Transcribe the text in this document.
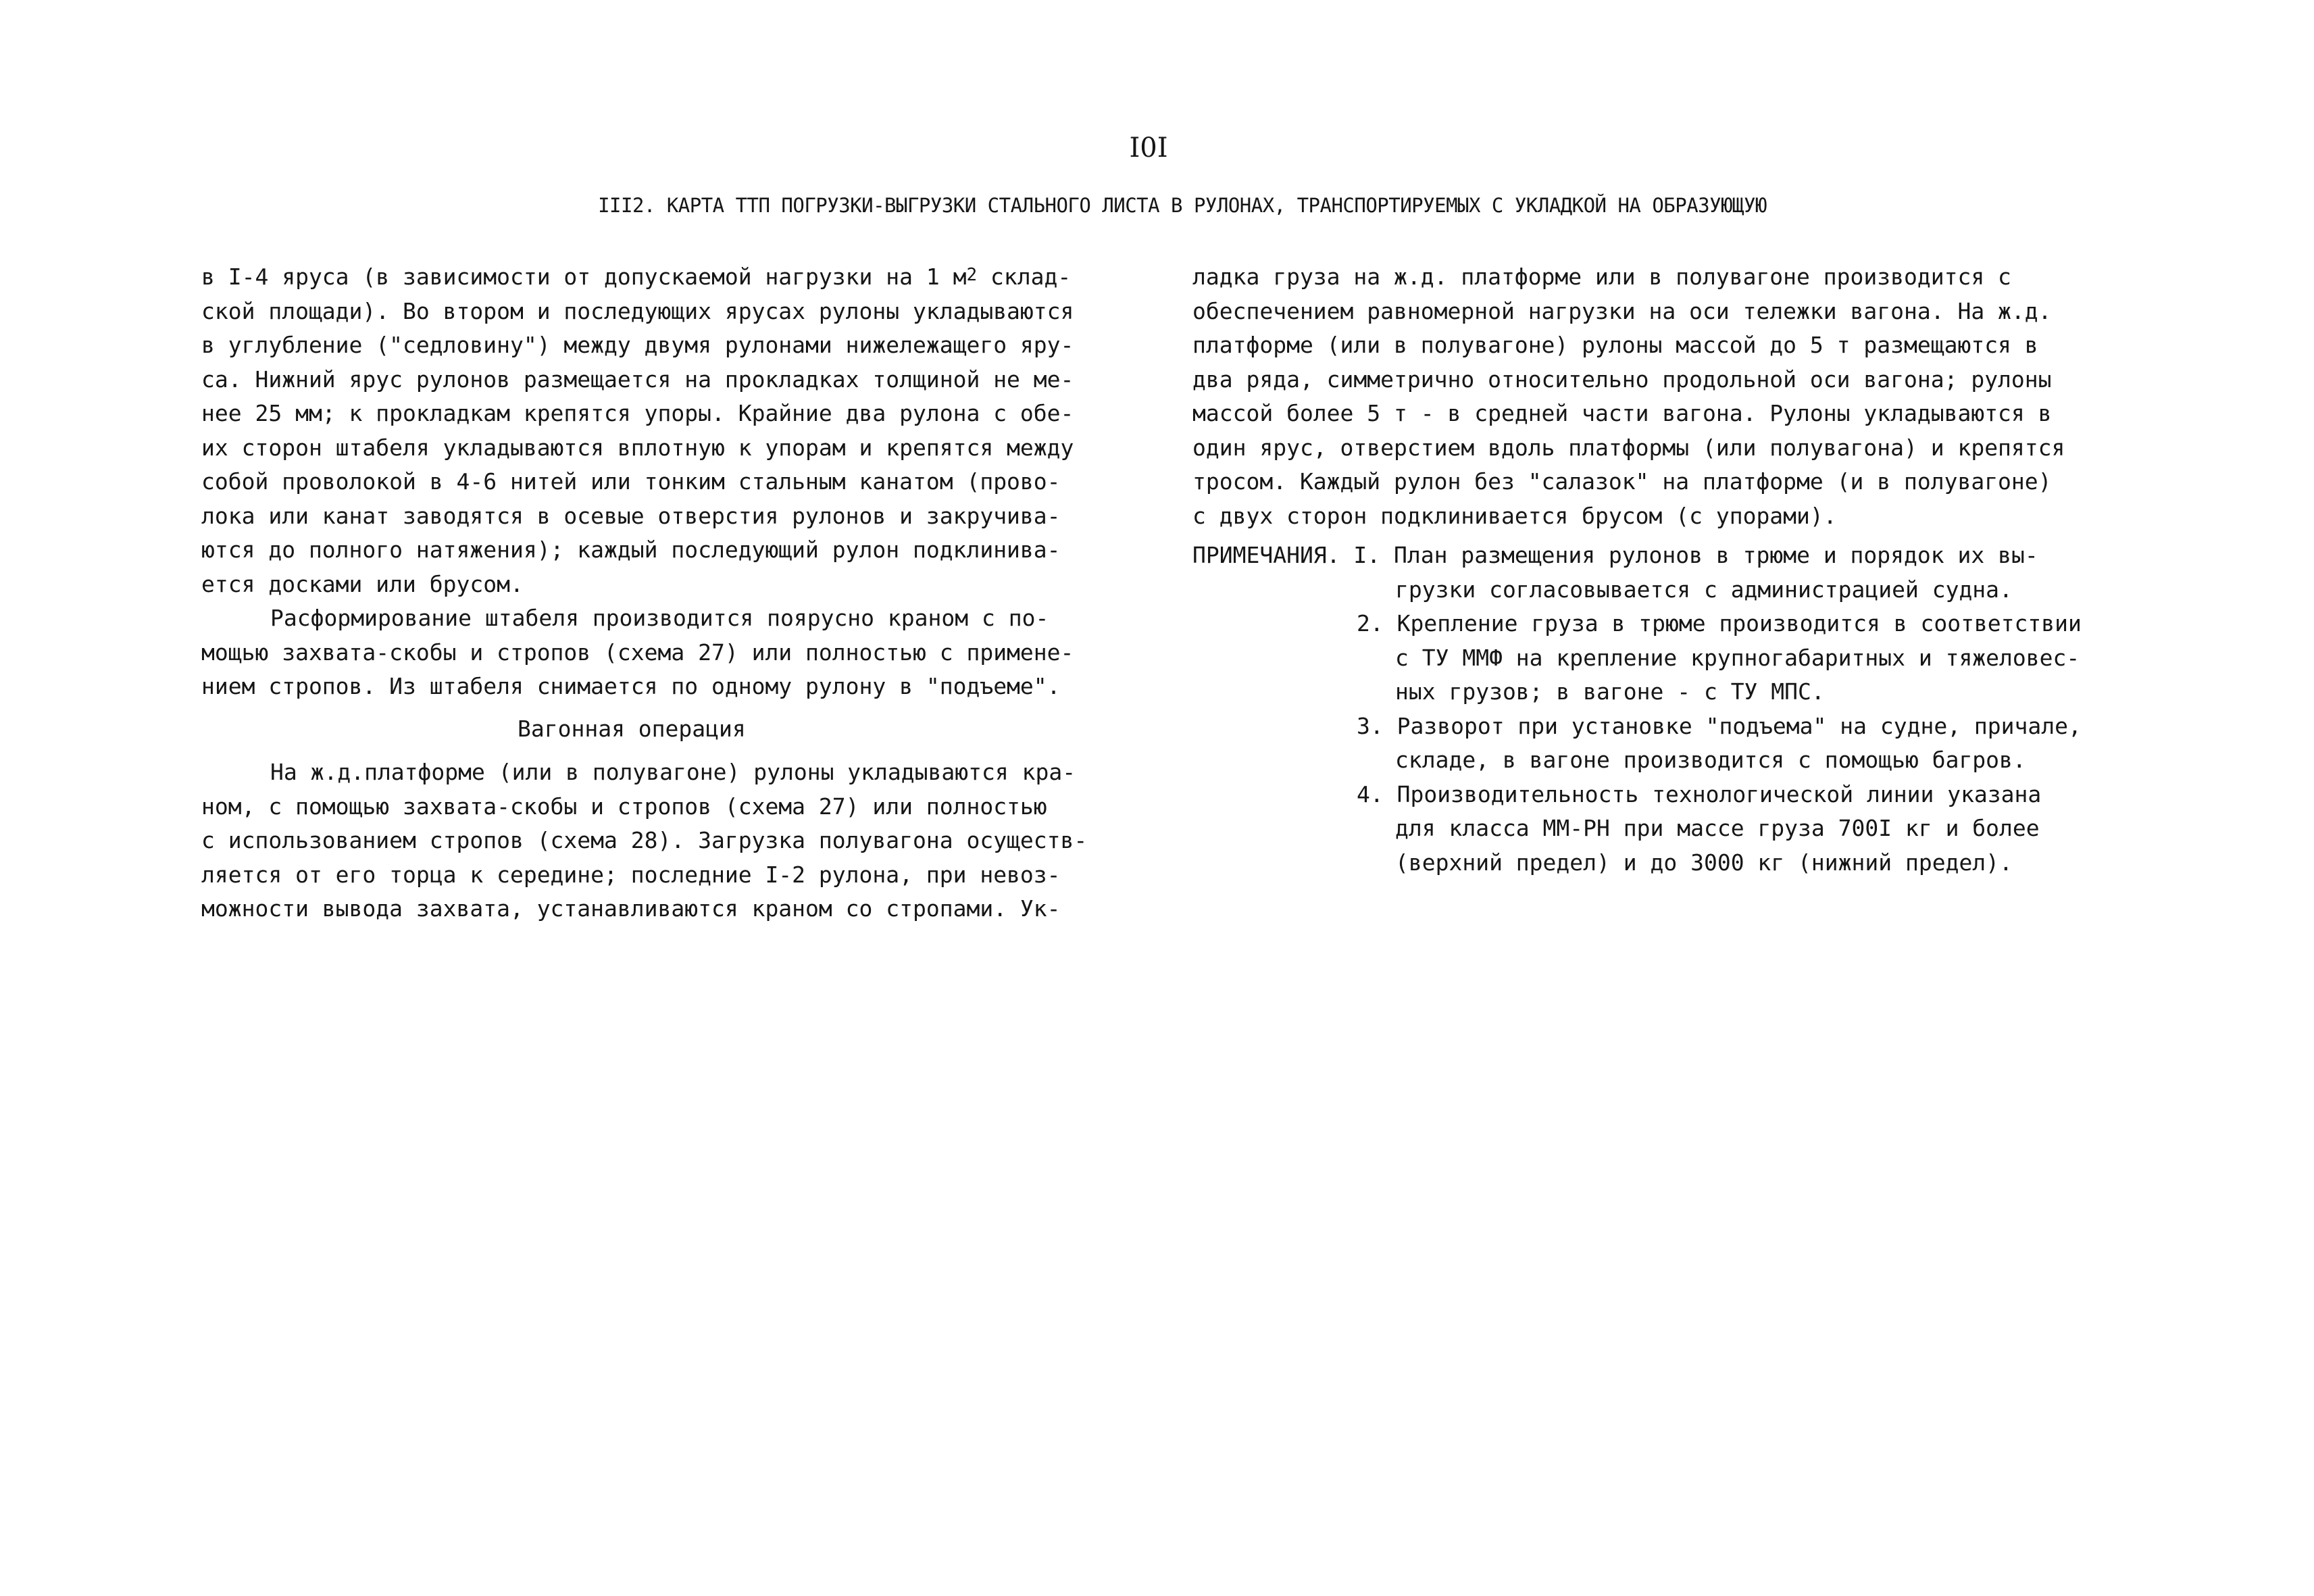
I0I
III2. КАРТА ТТП ПОГРУЗКИ-ВЫГРУЗКИ СТАЛЬНОГО ЛИСТА В РУЛОНАХ, ТРАНСПОРТИРУЕМЫХ С УКЛАДКОЙ НА ОБРАЗУЮЩУЮ
в I-4 яруса (в зависимости от допускаемой нагрузки на 1 $м^2$ склад-
ской площади). Во втором и последующих ярусах рулоны укладываются
в углубление ("седловину") между двумя рулонами нижележащего яру-
са. Нижний ярус рулонов размещается на прокладках толщиной не ме-
нее 25 мм; к прокладкам крепятся упоры. Крайние два рулона с обе-
их сторон штабеля укладываются вплотную к упорам и крепятся между
собой проволокой в 4-6 нитей или тонким стальным канатом (прово-
лока или канат заводятся в осевые отверстия рулонов и закручива-
ются до полного натяжения); каждый последующий рулон подклинива-
ется досками или брусом.
Расформирование штабеля производится поярусно краном с по-
мощью захвата-скобы и стропов (схема 27) или полностью с примене-
нием стропов. Из штабеля снимается по одному рулону в "подъеме".
Вагонная операция
На ж.д.платформе (или в полувагоне) рулоны укладываются кра-
ном, с помощью захвата-скобы и стропов (схема 27) или полностью
с использованием стропов (схема 28). Загрузка полувагона осуществ-
ляется от его торца к середине; последние I-2 рулона, при невоз-
можности вывода захвата, устанавливаются краном со стропами. Ук-
ладка груза на ж.д. платформе или в полувагоне производится с
обеспечением равномерной нагрузки на оси тележки вагона. На ж.д.
платформе (или в полувагоне) рулоны массой до 5 т размещаются в
два ряда, симметрично относительно продольной оси вагона; рулоны
массой более 5 т - в средней части вагона. Рулоны укладываются в
один ярус, отверстием вдоль платформы (или полувагона) и крепятся
тросом. Каждый рулон без "салазок" на платформе (и в полувагоне)
с двух сторон подклинивается брусом (с упорами).
ПРИМЕЧАНИЯ. I. План размещения рулонов в трюме и порядок их вы-
грузки согласовывается с администрацией судна.
2. Крепление груза в трюме производится в соответствии
с ТУ ММФ на крепление крупногабаритных и тяжеловес-
ных грузов; в вагоне - с ТУ МПС.
3. Разворот при установке "подъема" на судне, причале,
складе, в вагоне производится с помощью багров.
4. Производительность технологической линии указана
для класса ММ-РН при массе груза 700I кг и более
(верхний предел) и до 3000 кг (нижний предел).
